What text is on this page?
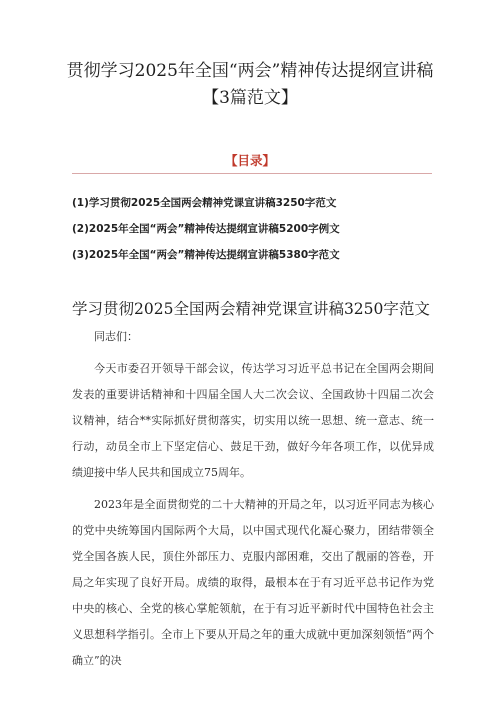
贯彻学习2025年全国“两会”精神传达提纲宣讲稿
【3篇范文】
【目录】
(1)学习贯彻2025全国两会精神党课宣讲稿3250字范文
(2)2025年全国“两会”精神传达提纲宣讲稿5200字例文
(3)2025年全国“两会”精神传达提纲宣讲稿5380字范文
学习贯彻2025全国两会精神党课宣讲稿3250字范文

同志们：

今天市委召开领导干部会议，传达学习习近平总书记在全国两会期间发表的重要讲话精神和十四届全国人大二次会议、全国政协十四届二次会议精神，结合**实际抓好贯彻落实，切实用以统一思想、统一意志、统一行动，动员全市上下坚定信心、鼓足干劲，做好今年各项工作，以优异成绩迎接中华人民共和国成立75周年。

2023年是全面贯彻党的二十大精神的开局之年，以习近平同志为核心的党中央统筹国内国际两个大局，以中国式现代化凝心聚力，团结带领全党全国各族人民，顶住外部压力、克服内部困难，交出了靓丽的答卷，开局之年实现了良好开局。成绩的取得，最根本在于有习近平总书记作为党中央的核心、全党的核心掌舵领航，在于有习近平新时代中国特色社会主义思想科学指引。全市上下要从开局之年的重大成就中更加深刻领悟“两个确立”的决
